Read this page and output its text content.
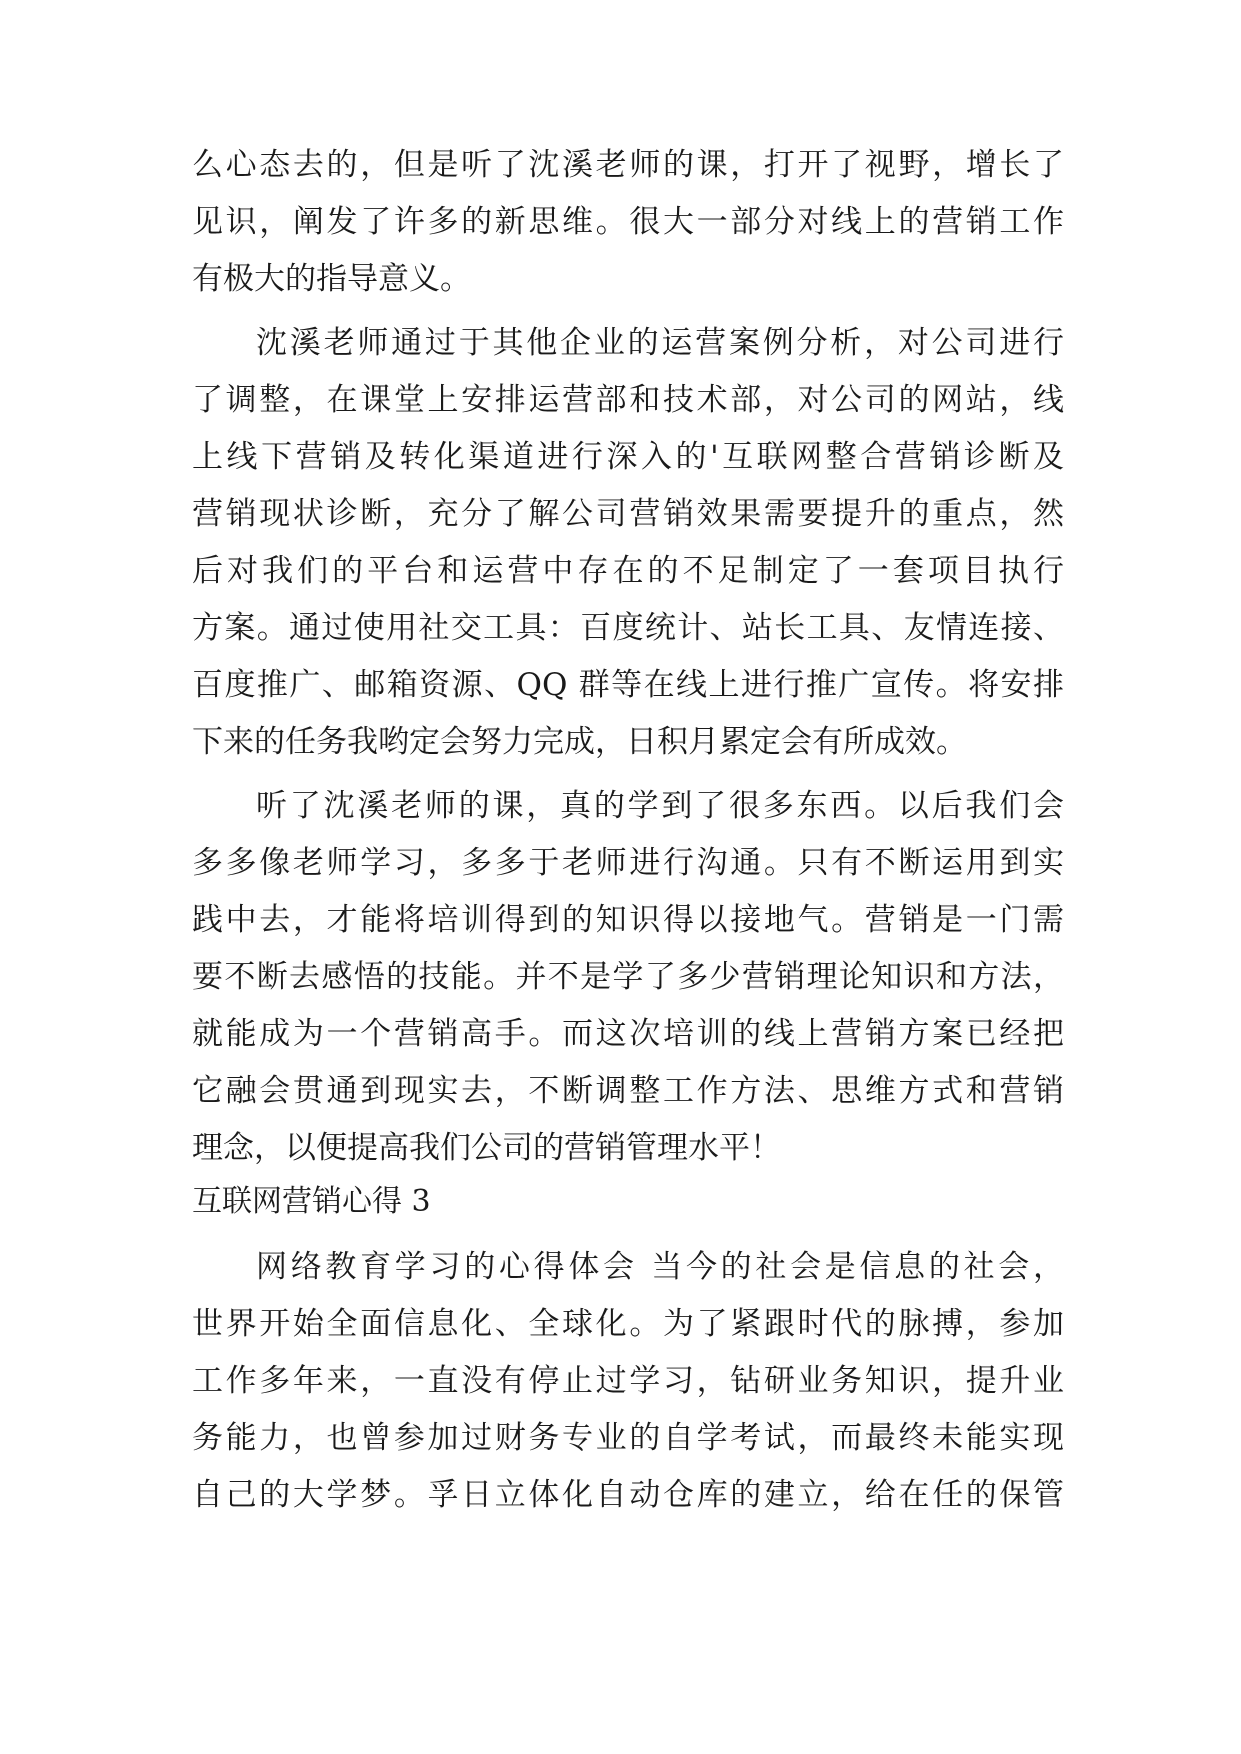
么心态去的，但是听了沈溪老师的课，打开了视野，增长了
见识，阐发了许多的新思维。很大一部分对线上的营销工作
有极大的指导意义。
沈溪老师通过于其他企业的运营案例分析，对公司进行
了调整，在课堂上安排运营部和技术部，对公司的网站，线
上线下营销及转化渠道进行深入的'互联网整合营销诊断及
营销现状诊断，充分了解公司营销效果需要提升的重点，然
后对我们的平台和运营中存在的不足制定了一套项目执行
方案。通过使用社交工具：百度统计、站长工具、友情连接、
百度推广、邮箱资源、QQ 群等在线上进行推广宣传。将安排
下来的任务我哟定会努力完成，日积月累定会有所成效。
听了沈溪老师的课，真的学到了很多东西。以后我们会
多多像老师学习，多多于老师进行沟通。只有不断运用到实
践中去，才能将培训得到的知识得以接地气。营销是一门需
要不断去感悟的技能。并不是学了多少营销理论知识和方法，
就能成为一个营销高手。而这次培训的线上营销方案已经把
它融会贯通到现实去，不断调整工作方法、思维方式和营销
理念，以便提高我们公司的营销管理水平！
互联网营销心得 3
网络教育学习的心得体会 当今的社会是信息的社会，
世界开始全面信息化、全球化。为了紧跟时代的脉搏，参加
工作多年来，一直没有停止过学习，钻研业务知识，提升业
务能力，也曾参加过财务专业的自学考试，而最终未能实现
自己的大学梦。孚日立体化自动仓库的建立，给在任的保管
